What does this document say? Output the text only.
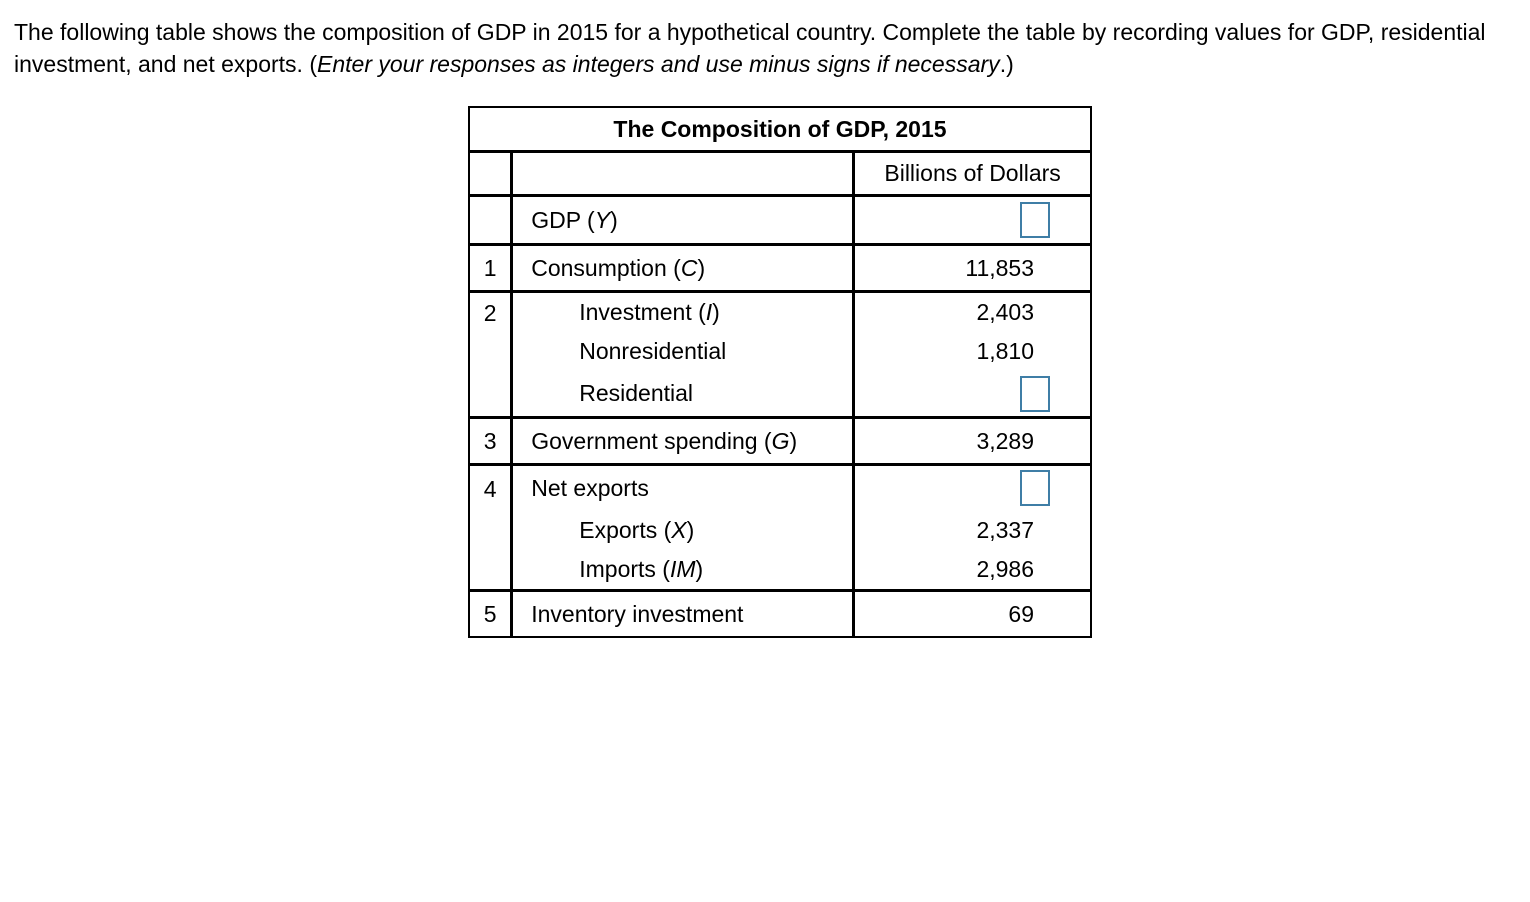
The following table shows the composition of GDP in 2015 for a hypothetical country. Complete the table by recording values for GDP, residential investment, and net exports. (Enter your responses as integers and use minus signs if necessary.)

The Composition of GDP, 2015		
		Billions of Dollars
	GDP (Y)	
1	Consumption (C)	11,853

2	Investment (I)	2,403
	Nonresidential	1,810
	Residential	
3	Government spending (G)	3,289

4	Net exports	
	Exports (X)	2,337
	Imports (IM)	2,986
5	Inventory investment	69
